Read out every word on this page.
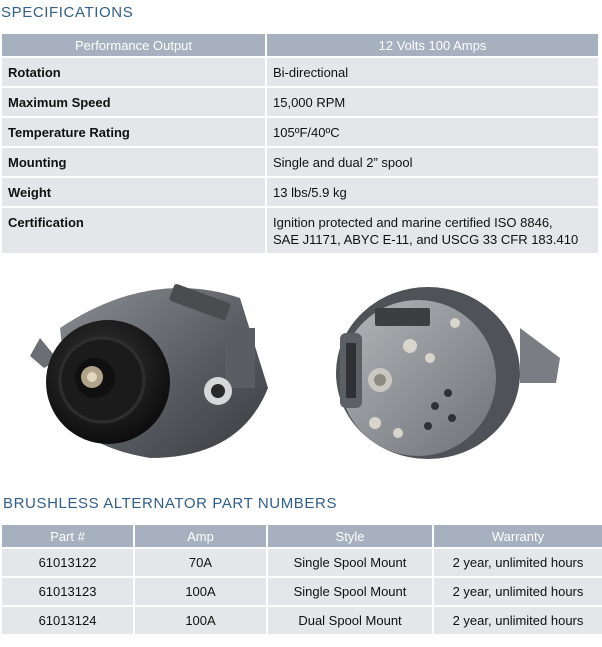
SPECIFICATIONS
Performance Output	12 Volts 100 Amps
Rotation	Bi-directional
Maximum Speed	15,000 RPM
Temperature Rating	105ºF/40ºC
Mounting	Single and dual 2” spool
Weight	13 lbs/5.9 kg
Certification	Ignition protected and marine certified ISO 8846,
SAE J1171, ABYC E-11, and USCG 33 CFR 183.410
BRUSHLESS ALTERNATOR PART NUMBERS
Part #	Amp	Style	Warranty
61013122	70A	Single Spool Mount	2 year, unlimited hours
61013123	100A	Single Spool Mount	2 year, unlimited hours
61013124	100A	Dual Spool Mount	2 year, unlimited hours
